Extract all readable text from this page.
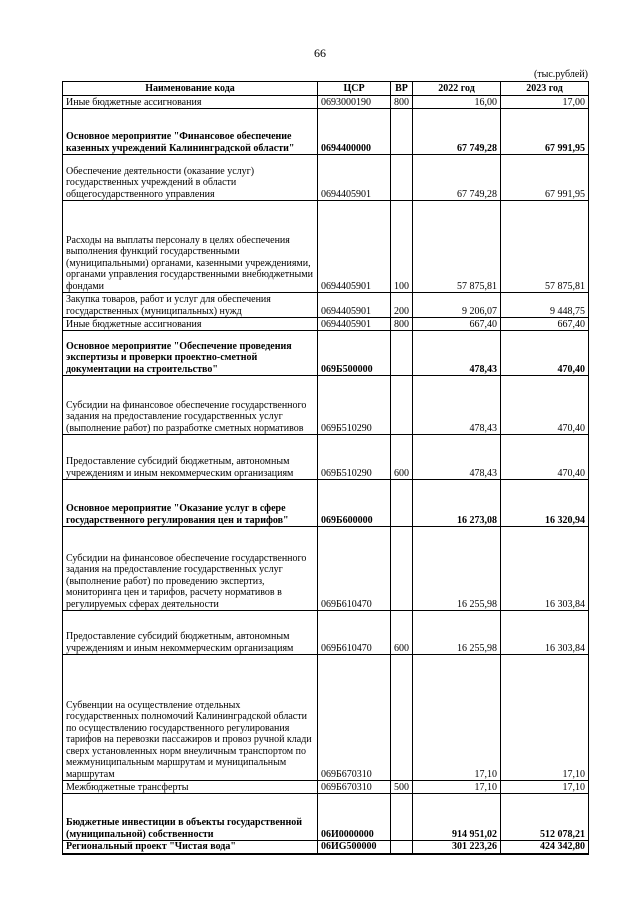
66
(тыс.рублей)
Наименование кода	ЦСР	ВР	2022 год	2023 год
Иные бюджетные ассигнования	0693000190	800	16,00	17,00
Основное мероприятие "Финансовое обеспечение казенных учреждений Калининградской области"	0694400000		67 749,28	67 991,95
Обеспечение деятельности (оказание услуг) государственных учреждений в области общегосударственного управления	0694405901		67 749,28	67 991,95
Расходы на выплаты персоналу в целях обеспечения выполнения функций государственными (муниципальными) органами, казенными учреждениями, органами управления государственными внебюджетными фондами	0694405901	100	57 875,81	57 875,81
Закупка товаров, работ и услуг для обеспечения государственных (муниципальных) нужд	0694405901	200	9 206,07	9 448,75
Иные бюджетные ассигнования	0694405901	800	667,40	667,40
Основное мероприятие "Обеспечение проведения экспертизы и проверки проектно-сметной документации на строительство"	069Б500000		478,43	470,40
Субсидии на финансовое обеспечение государственного задания на предоставление государственных услуг (выполнение работ) по разработке сметных нормативов	069Б510290		478,43	470,40
Предоставление субсидий бюджетным, автономным учреждениям и иным некоммерческим организациям	069Б510290	600	478,43	470,40
Основное мероприятие "Оказание услуг в сфере государственного регулирования цен и тарифов"	069Б600000		16 273,08	16 320,94
Субсидии на финансовое обеспечение государственного задания на предоставление государственных услуг (выполнение работ) по проведению экспертиз, мониторинга цен и тарифов, расчету нормативов в регулируемых сферах деятельности	069Б610470		16 255,98	16 303,84
Предоставление субсидий бюджетным, автономным учреждениям и иным некоммерческим организациям	069Б610470	600	16 255,98	16 303,84
Субвенции на осуществление отдельных государственных полномочий Калининградской области по осуществлению государственного регулирования тарифов на перевозки пассажиров и провоз ручной клади сверх установленных норм внеуличным транспортом по межмуниципальным маршрутам и муниципальным маршрутам	069Б670310		17,10	17,10
Межбюджетные трансферты	069Б670310	500	17,10	17,10
Бюджетные инвестиции в объекты государственной (муниципальной) собственности	06И0000000		914 951,02	512 078,21
Региональный проект "Чистая вода"	06ИG500000		301 223,26	424 342,80
